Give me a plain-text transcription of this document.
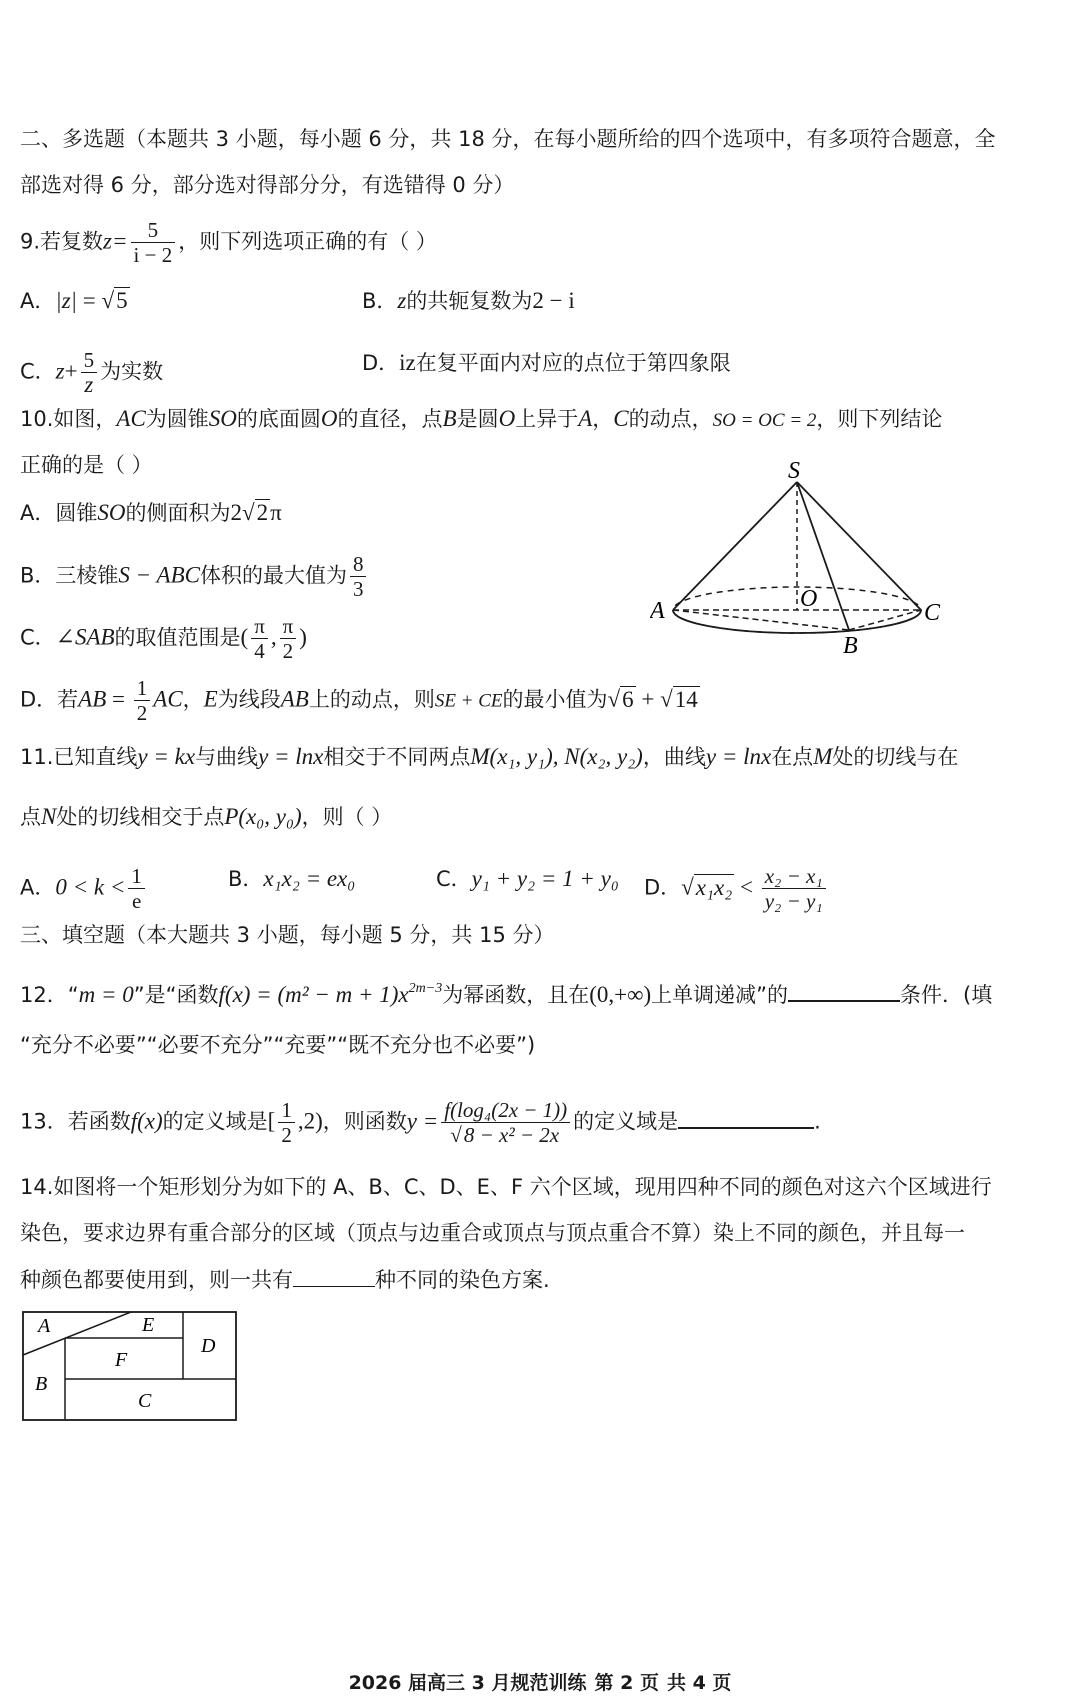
二、多选题（本题共 3 小题，每小题 6 分，共 18 分，在每小题所给的四个选项中，有多项符合题意，全
部选对得 6 分，部分选对得部分分，有选错得 0 分）
9.若复数$z= \frac{5}{i - 2}$ ，则下列选项正确的有（ ）
A．|z| = √5	B．z的共轭复数为2 − i
C．$z+ \frac{5}{z}$ 为实数	D．iz在复平面内对应的点位于第四象限
10.如图，AC为圆锥SO的底面圆O的直径，点B是圆O上异于A，C的动点，SO = OC = 2，则下列结论
正确的是（ ）
A．圆锥SO的侧面积为2√2π
B．三棱锥S − ABC体积的最大值为 $\frac{8}{3}$
C．∠SAB的取值范围是( $\frac{\pi}{4}$ , $\frac{\pi}{2}$ )
D．若AB = $\frac{1}{2}$ AC，E为线段AB上的动点，则SE + CE的最小值为√6 + √14
S
O
A
B
C
11.已知直线y = kx与曲线y = lnx相交于不同两点M(x₁, y₁), N(x₂, y₂)，曲线y = lnx在点M处的切线与在
点N处的切线相交于点P(x₀, y₀)，则（ ）
A．$0 < k < \frac{1}{e}$	B．x₁x₂ = ex₀	C．y₁ + y₂ = 1 + y₀ D．$√x_1x_2 < \frac{\text{x₂ − x₁}}{\text{y₂ − y₁}}$
三、填空题（本大题共 3 小题，每小题 5 分，共 15 分）
12．“m = 0”是“函数$f(x) = (m^2 - m + 1)x^{2m-3}$为幂函数，且在(0,+∞)上单调递减”的	条件．(填
“充分不必要”“必要不充分”“充要”“既不充分也不必要”)
13．若函数f(x)的定义域是[ $\frac{1}{2} ,2$)，则函数$y = \frac{\text{f(log₄(2x − 1))}}{\text{√8 − x² − 2x}}$ 的定义域是	.
14.如图将一个矩形划分为如下的 A、B、C、D、E、F 六个区域，现用四种不同的颜色对这六个区域进行
染色，要求边界有重合部分的区域（顶点与边重合或顶点与顶点重合不算）染上不同的颜色，并且每一
种颜色都要使用到，则一共有	种不同的染色方案.
A	E
D
F
B
C
2026 届高三 3 月规范训练 第 2 页 共 4 页
